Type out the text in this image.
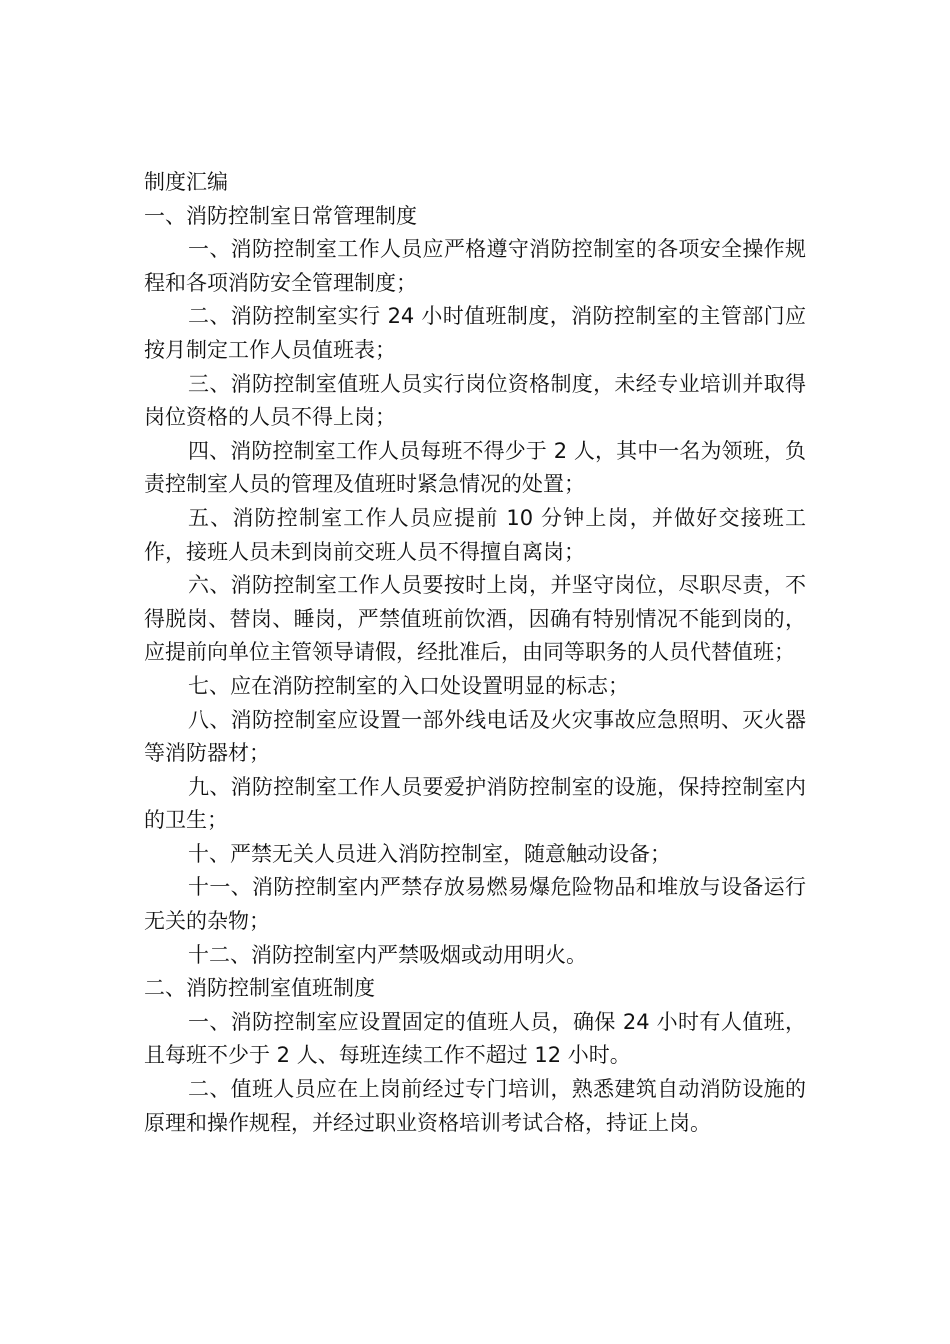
制度汇编

一、消防控制室日常管理制度

一、消防控制室工作人员应严格遵守消防控制室的各项安全操作规程和各项消防安全管理制度；

二、消防控制室实行 24 小时值班制度，消防控制室的主管部门应按月制定工作人员值班表；

三、消防控制室值班人员实行岗位资格制度，未经专业培训并取得岗位资格的人员不得上岗；

四、消防控制室工作人员每班不得少于 2 人，其中一名为领班，负责控制室人员的管理及值班时紧急情况的处置；

五、消防控制室工作人员应提前 10 分钟上岗，并做好交接班工作，接班人员未到岗前交班人员不得擅自离岗；

六、消防控制室工作人员要按时上岗，并坚守岗位，尽职尽责，不得脱岗、替岗、睡岗，严禁值班前饮酒，因确有特别情况不能到岗的，应提前向单位主管领导请假，经批准后，由同等职务的人员代替值班；

七、应在消防控制室的入口处设置明显的标志；

八、消防控制室应设置一部外线电话及火灾事故应急照明、灭火器等消防器材；

九、消防控制室工作人员要爱护消防控制室的设施，保持控制室内的卫生；

十、严禁无关人员进入消防控制室，随意触动设备；

十一、消防控制室内严禁存放易燃易爆危险物品和堆放与设备运行无关的杂物；

十二、消防控制室内严禁吸烟或动用明火。

二、消防控制室值班制度

一、消防控制室应设置固定的值班人员，确保 24 小时有人值班，且每班不少于 2 人、每班连续工作不超过 12 小时。

二、值班人员应在上岗前经过专门培训，熟悉建筑自动消防设施的原理和操作规程，并经过职业资格培训考试合格，持证上岗。
